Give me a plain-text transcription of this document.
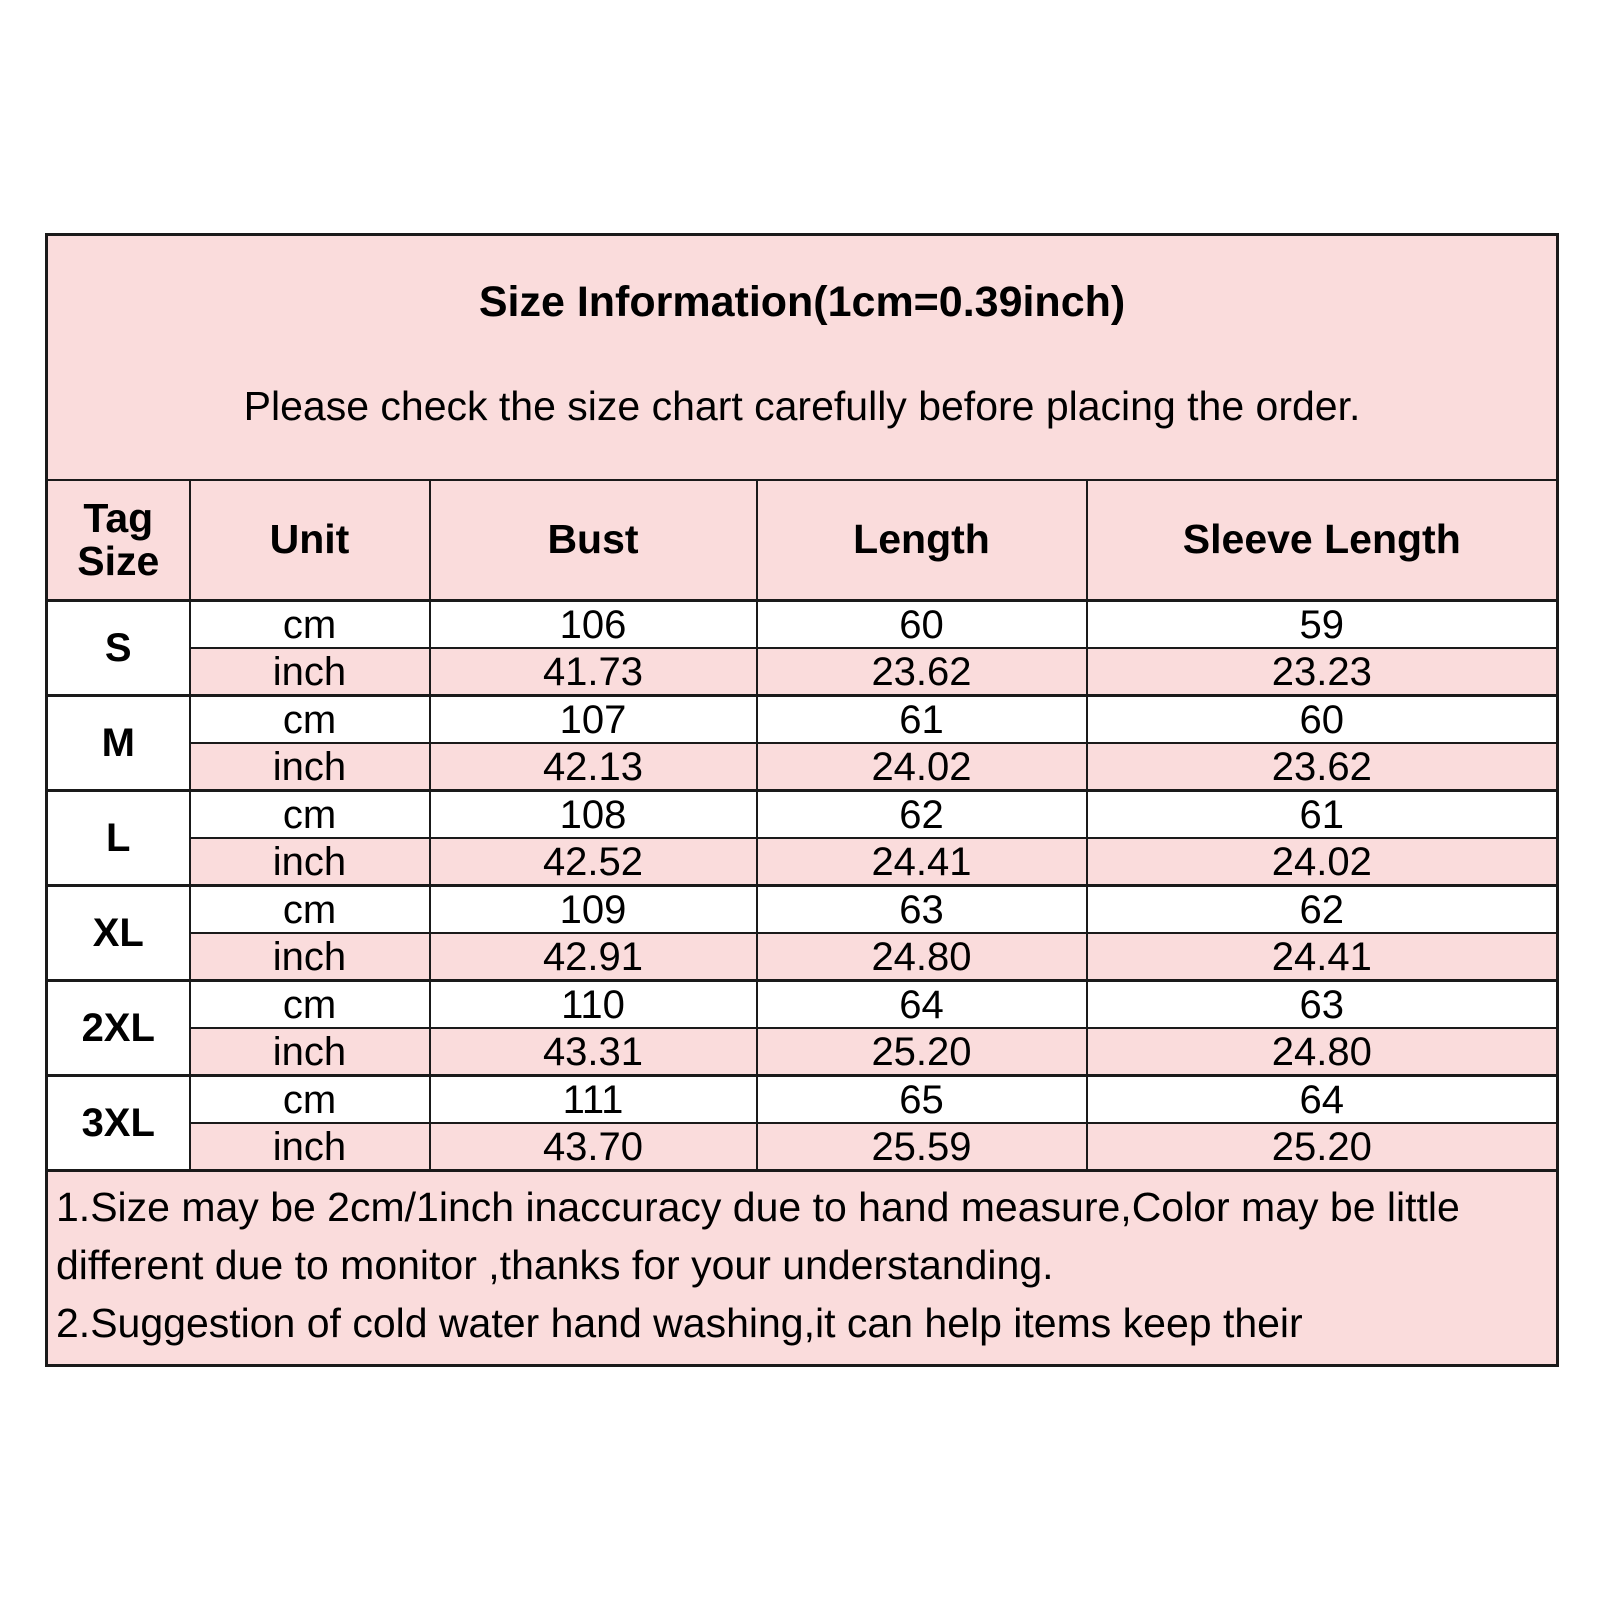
Size Information(1cm=0.39inch)
Please check the size chart carefully before placing the order.				

Tag Size	Unit	Bust	Length	Sleeve Length
S	cm	106	60	59
	inch	41.73	23.62	23.23
M	cm	107	61	60
	inch	42.13	24.02	23.62
L	cm	108	62	61
	inch	42.52	24.41	24.02
XL	cm	109	63	62
	inch	42.91	24.80	24.41
2XL	cm	110	64	63
	inch	43.31	25.20	24.80
3XL	cm	111	65	64
	inch	43.70	25.59	25.20

1.Size may be 2cm/1inch inaccuracy due to hand measure,Color may be little different due to monitor ,thanks for your understanding.

2.Suggestion of cold water hand washing,it can help items keep their				
